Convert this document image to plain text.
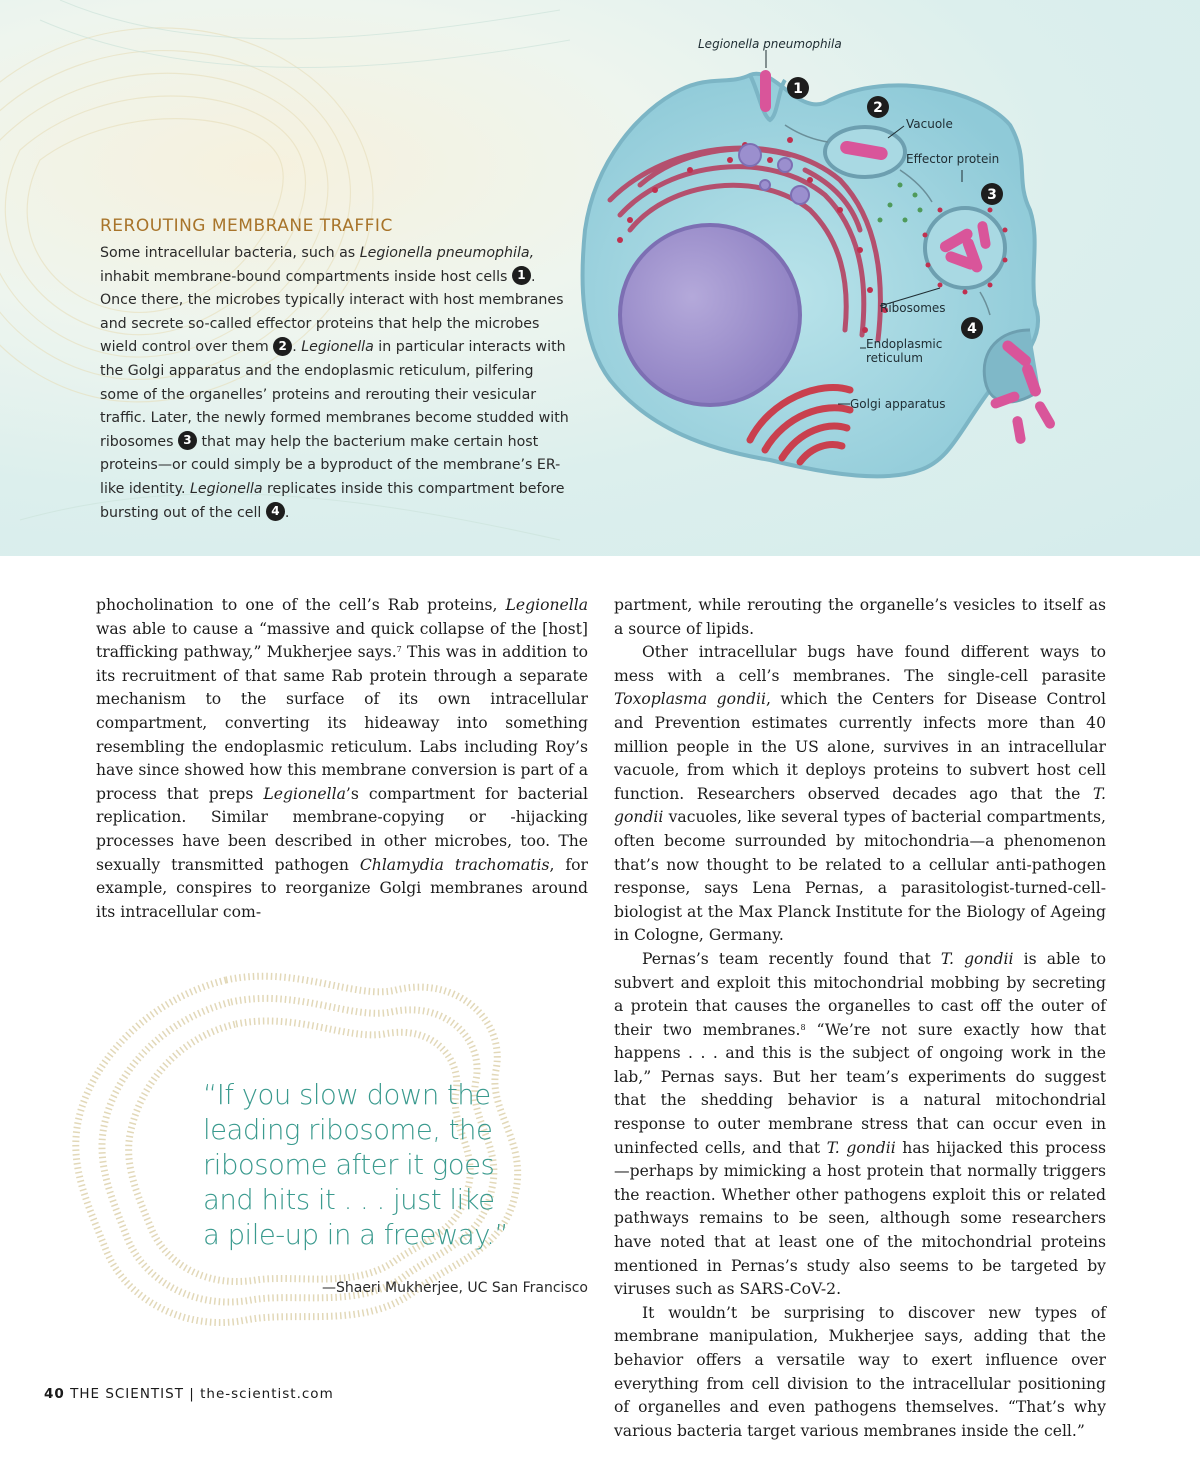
REROUTING MEMBRANE TRAFFIC

Some intracellular bacteria, such as Legionella pneumophila, inhabit membrane-bound compartments inside host cells 1 . Once there, the microbes typically interact with host membranes and secrete so-called effector proteins that help the microbes wield control over them 2 . Legionella in particular interacts with the Golgi apparatus and the endoplasmic reticulum, pilfering some of the organelles’ proteins and rerouting their vesicular traffic. Later, the newly formed membranes become studded with ribosomes 3 that may help the bacterium make certain host proteins—or could simply be a byproduct of the membrane’s ER-like identity. Legionella replicates inside this compartment before bursting out of the cell 4 .

Legionella pneumophila
Vacuole
Effector protein
Ribosomes
Endoplasmic
reticulum
Golgi apparatus
1
2
3
4

phocholination to one of the cell’s Rab proteins, Legionella was able to cause a “massive and quick collapse of the [host] trafficking pathway,” Mukherjee says.$^7$ This was in addition to its recruitment of that same Rab protein through a separate mechanism to the surface of its own intracellular compartment, converting its hideaway into something resembling the endoplasmic reticulum. Labs including Roy’s have since showed how this membrane conversion is part of a process that preps Legionella’s compartment for bacterial replication. Similar membrane-copying or -hijacking processes have been described in other microbes, too. The sexually transmitted pathogen Chlamydia trachomatis, for example, conspires to reorganize Golgi membranes around its intracellular com-

partment, while rerouting the organelle’s vesicles to itself as a source of lipids.

Other intracellular bugs have found different ways to mess with a cell’s membranes. The single-cell parasite Toxoplasma gondii, which the Centers for Disease Control and Prevention estimates currently infects more than 40 million people in the US alone, survives in an intracellular vacuole, from which it deploys proteins to subvert host cell function. Researchers observed decades ago that the T. gondii vacuoles, like several types of bacterial compartments, often become surrounded by mitochondria—a phenomenon that’s now thought to be related to a cellular anti-pathogen response, says Lena Pernas, a parasitologist-turned-cell-biologist at the Max Planck Institute for the Biology of Ageing in Cologne, Germany.

Pernas’s team recently found that T. gondii is able to subvert and exploit this mitochondrial mobbing by secreting a protein that causes the organelles to cast off the outer of their two membranes.$^8$ “We’re not sure exactly how that happens . . . and this is the subject of ongoing work in the lab,” Pernas says. But her team’s experiments do suggest that the shedding behavior is a natural mitochondrial response to outer membrane stress that can occur even in uninfected cells, and that T. gondii has hijacked this process—perhaps by mimicking a host protein that normally triggers the reaction. Whether other pathogens exploit this or related pathways remains to be seen, although some researchers have noted that at least one of the mitochondrial proteins mentioned in Pernas’s study also seems to be targeted by viruses such as SARS-CoV-2.

It wouldn’t be surprising to discover new types of membrane manipulation, Mukherjee says, adding that the behavior offers a versatile way to exert influence over everything from cell division to the intracellular positioning of organelles and even pathogens themselves. “That’s why various bacteria target various membranes inside the cell.”

“If you slow down the leading ribosome, the ribosome after it goes and hits it . . . just like a pile-up in a freeway.”

—Shaeri Mukherjee, UC San Francisco

40 THE SCIENTIST | the-scientist.com
